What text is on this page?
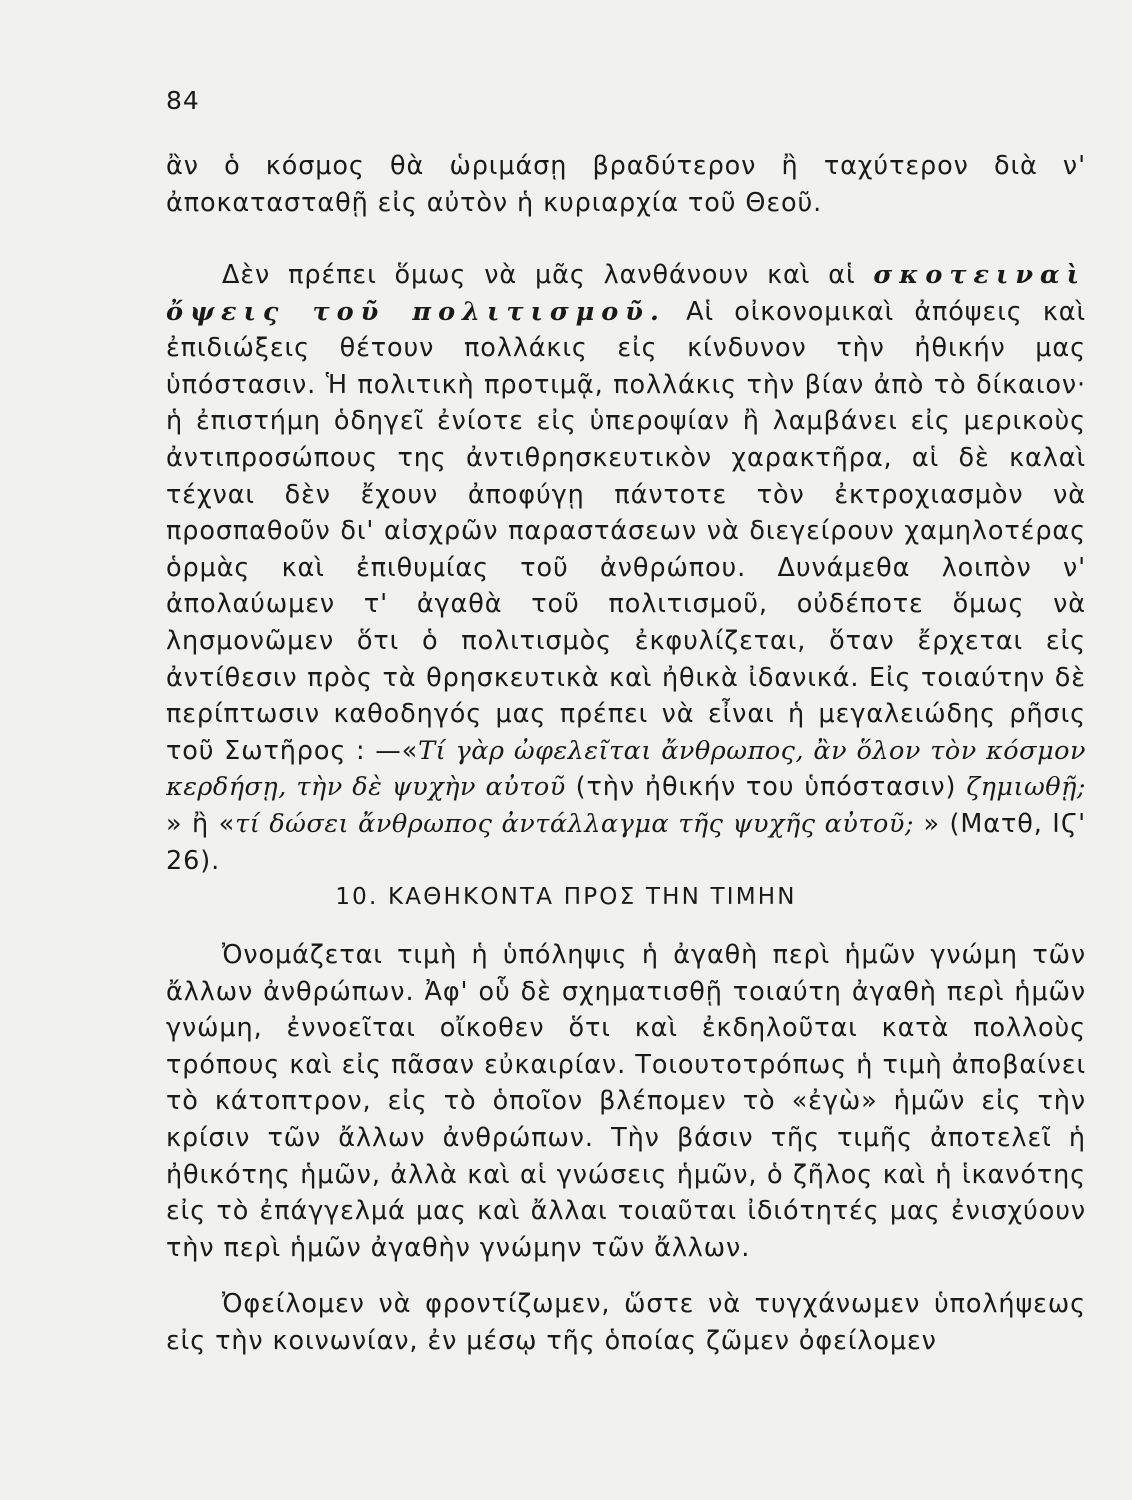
84

ἂν ὁ κόσμος θὰ ὡριμάσῃ βραδύτερον ἢ ταχύτερον διὰ ν' ἀποκατασταθῇ εἰς αὐτὸν ἡ κυριαρχία τοῦ Θεοῦ.

Δὲν πρέπει ὅμως νὰ μᾶς λανθάνουν καὶ αἱ σκοτειναὶ ὄψεις τοῦ πολιτισμοῦ. Αἱ οἰκονομικαὶ ἀπόψεις καὶ ἐπιδιώξεις θέτουν πολλάκις εἰς κίνδυνον τὴν ἠθικήν μας ὑπόστασιν. Ἡ πολιτικὴ προτιμᾷ, πολλάκις τὴν βίαν ἀπὸ τὸ δίκαιον· ἡ ἐπιστήμη ὁδηγεῖ ἐνίοτε εἰς ὑπεροψίαν ἢ λαμβάνει εἰς μερικοὺς ἀντιπροσώπους της ἀντιθρησκευτικὸν χαρακτῆρα, αἱ δὲ καλαὶ τέχναι δὲν ἔχουν ἀποφύγῃ πάντοτε τὸν ἐκτροχιασμὸν νὰ προσπαθοῦν δι' αἰσχρῶν παραστάσεων νὰ διεγείρουν χαμηλοτέρας ὁρμὰς καὶ ἐπιθυμίας τοῦ ἀνθρώπου. Δυνάμεθα λοιπὸν ν' ἀπολαύωμεν τ' ἀγαθὰ τοῦ πολιτισμοῦ, οὐδέποτε ὅμως νὰ λησμονῶμεν ὅτι ὁ πολιτισμὸς ἐκφυλίζεται, ὅταν ἔρχεται εἰς ἀντίθεσιν πρὸς τὰ θρησκευτικὰ καὶ ἠθικὰ ἰδανικά. Εἰς τοιαύτην δὲ περίπτωσιν καθοδηγός μας πρέπει νὰ εἶναι ἡ μεγαλειώδης ρῆσις τοῦ Σωτῆρος : —«Τί γὰρ ὠφελεῖται ἄνθρωπος, ἂν ὅλον τὸν κόσμον κερδήσῃ, τὴν δὲ ψυχὴν αὐτοῦ (τὴν ἠθικήν του ὑπόστασιν) ζημιωθῇ; » ἢ «τί δώσει ἄνθρωπος ἀντάλλαγμα τῆς ψυχῆς αὐτοῦ; » (Ματθ, ΙϚ' 26).

10. ΚΑΘΗΚΟΝΤΑ ΠΡΟΣ ΤΗΝ ΤΙΜΗΝ

Ὀνομάζεται τιμὴ ἡ ὑπόληψις ἡ ἀγαθὴ περὶ ἡμῶν γνώμη τῶν ἄλλων ἀνθρώπων. Ἀφ' οὗ δὲ σχηματισθῇ τοιαύτη ἀγαθὴ περὶ ἡμῶν γνώμη, ἐννοεῖται οἴκοθεν ὅτι καὶ ἐκδηλοῦται κατὰ πολλοὺς τρόπους καὶ εἰς πᾶσαν εὐκαιρίαν. Τοιουτοτρόπως ἡ τιμὴ ἀποβαίνει τὸ κάτοπτρον, εἰς τὸ ὁποῖον βλέπομεν τὸ «ἐγὼ» ἡμῶν εἰς τὴν κρίσιν τῶν ἄλλων ἀνθρώπων. Τὴν βάσιν τῆς τιμῆς ἀποτελεῖ ἡ ἠθικότης ἡμῶν, ἀλλὰ καὶ αἱ γνώσεις ἡμῶν, ὁ ζῆλος καὶ ἡ ἱκανότης εἰς τὸ ἐπάγγελμά μας καὶ ἄλλαι τοιαῦται ἰδιότητές μας ἐνισχύουν τὴν περὶ ἡμῶν ἀγαθὴν γνώμην τῶν ἄλλων.

Ὀφείλομεν νὰ φροντίζωμεν, ὥστε νὰ τυγχάνωμεν ὑπολήψεως εἰς τὴν κοινωνίαν, ἐν μέσῳ τῆς ὁποίας ζῶμεν ὀφείλομεν
